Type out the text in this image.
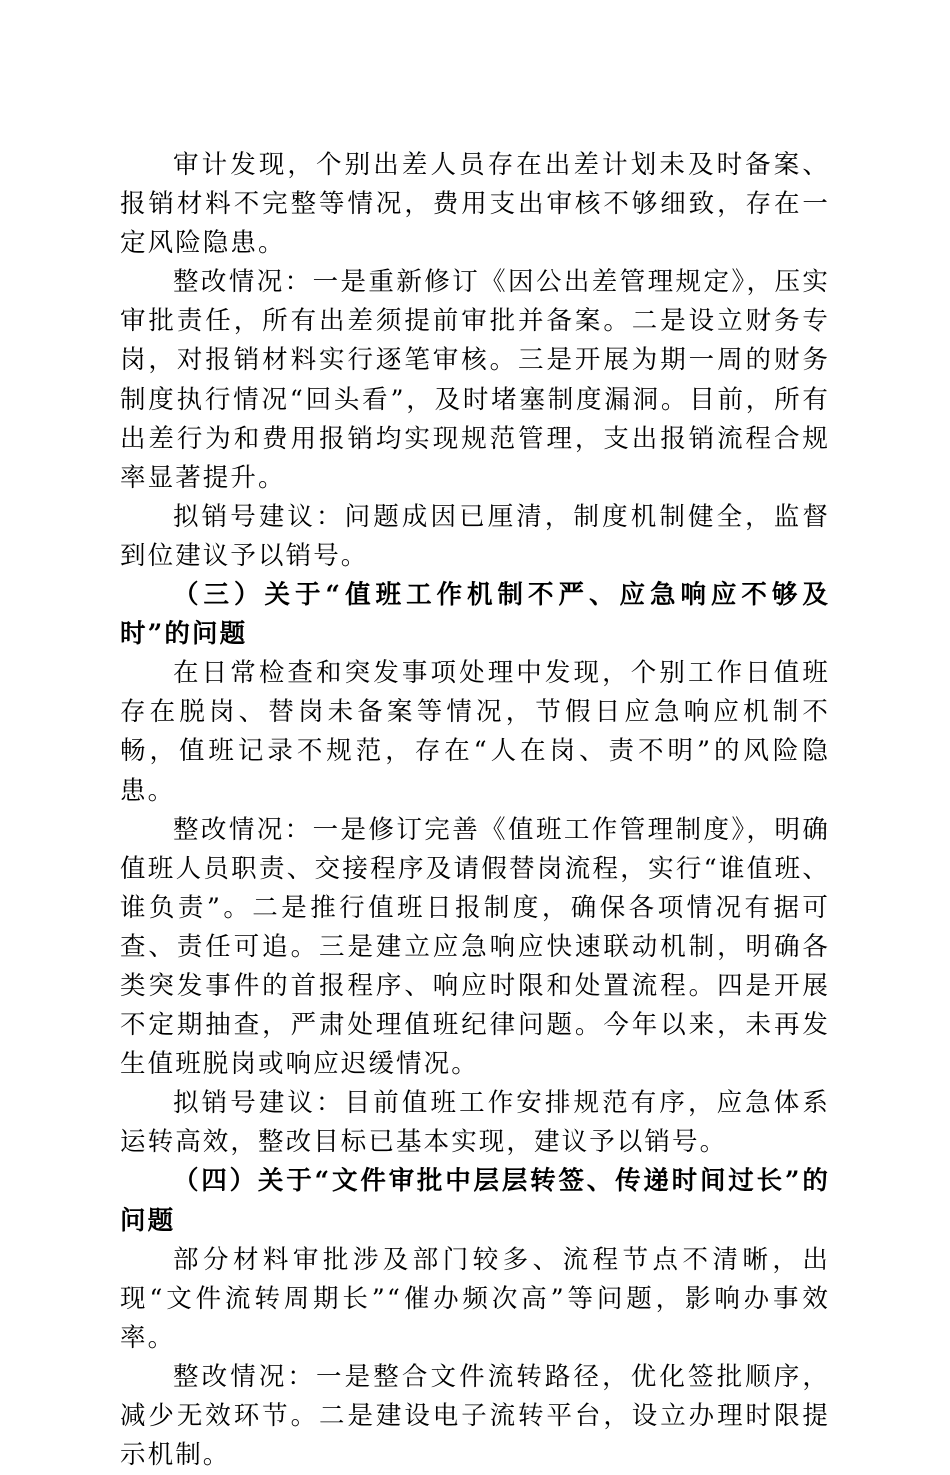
审计发现，个别出差人员存在出差计划未及时备案、报销材料不完整等情况，费用支出审核不够细致，存在一定风险隐患。

整改情况：一是重新修订《因公出差管理规定》，压实审批责任，所有出差须提前审批并备案。二是设立财务专岗，对报销材料实行逐笔审核。三是开展为期一周的财务制度执行情况“回头看”，及时堵塞制度漏洞。目前，所有出差行为和费用报销均实现规范管理，支出报销流程合规率显著提升。

拟销号建议：问题成因已厘清，制度机制健全，监督到位建议予以销号。

（三）关于“值班工作机制不严、应急响应不够及时”的问题

在日常检查和突发事项处理中发现，个别工作日值班存在脱岗、替岗未备案等情况，节假日应急响应机制不畅，值班记录不规范，存在“人在岗、责不明”的风险隐患。

整改情况：一是修订完善《值班工作管理制度》，明确值班人员职责、交接程序及请假替岗流程，实行“谁值班、谁负责”。二是推行值班日报制度，确保各项情况有据可查、责任可追。三是建立应急响应快速联动机制，明确各类突发事件的首报程序、响应时限和处置流程。四是开展不定期抽查，严肃处理值班纪律问题。今年以来，未再发生值班脱岗或响应迟缓情况。

拟销号建议：目前值班工作安排规范有序，应急体系运转高效，整改目标已基本实现，建议予以销号。

（四）关于“文件审批中层层转签、传递时间过长”的问题

部分材料审批涉及部门较多、流程节点不清晰，出现“文件流转周期长”“催办频次高”等问题，影响办事效率。

整改情况：一是整合文件流转路径，优化签批顺序，减少无效环节。二是建设电子流转平台，设立办理时限提示机制。
